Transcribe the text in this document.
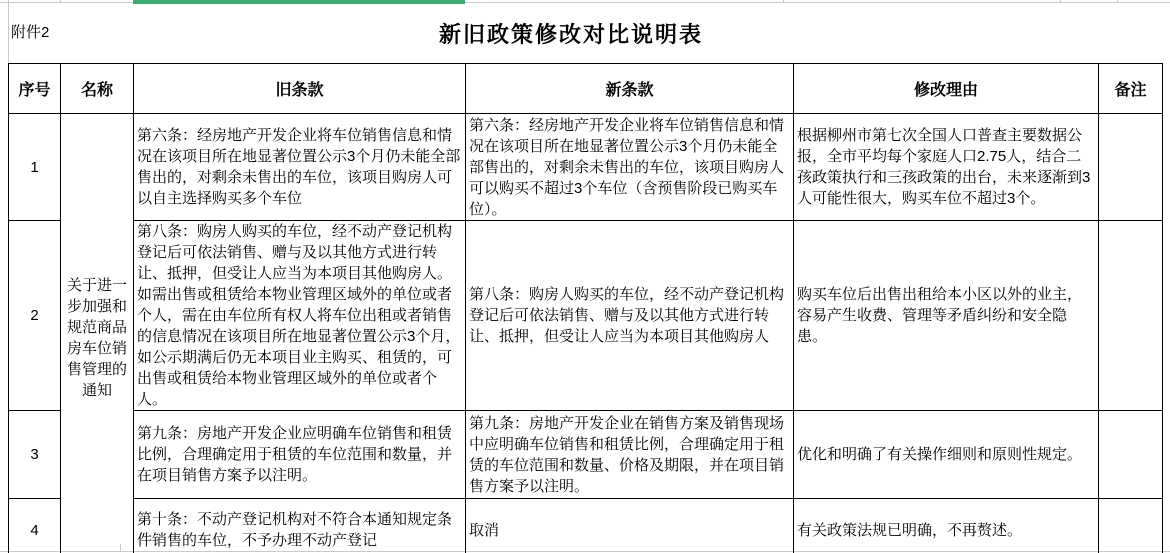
附件2	新旧政策修改对比说明表
序号	名称	旧条款	新条款	修改理由	备注
1	关于进一步加强和规范商品房车位销售管理的通知	第六条：经房地产开发企业将车位销售信息和情况在该项目所在地显著位置公示3个月仍未能全部售出的，对剩余未售出的车位，该项目购房人可以自主选择购买多个车位	第六条：经房地产开发企业将车位销售信息和情况在该项目所在地显著位置公示3个月仍未能全部售出的，对剩余未售出的车位，该项目购房人可以购买不超过3个车位（含预售阶段已购买车位）。	根据柳州市第七次全国人口普查主要数据公报，全市平均每个家庭人口2.75人，结合二孩政策执行和三孩政策的出台，未来逐渐到3人可能性很大，购买车位不超过3个。	
2		第八条：购房人购买的车位，经不动产登记机构登记后可依法销售、赠与及以其他方式进行转让、抵押，但受让人应当为本项目其他购房人。如需出售或租赁给本物业管理区域外的单位或者个人，需在由车位所有权人将车位出租或者销售的信息情况在该项目所在地显著位置公示3个月，如公示期满后仍无本项目业主购买、租赁的，可出售或租赁给本物业管理区域外的单位或者个人。	第八条：购房人购买的车位，经不动产登记机构登记后可依法销售、赠与及以其他方式进行转让、抵押，但受让人应当为本项目其他购房人	购买车位后出售出租给本小区以外的业主，容易产生收费、管理等矛盾纠纷和安全隐患。	
3		第九条：房地产开发企业应明确车位销售和租赁比例，合理确定用于租赁的车位范围和数量，并在项目销售方案予以注明。	第九条：房地产开发企业在销售方案及销售现场中应明确车位销售和租赁比例，合理确定用于租赁的车位范围和数量、价格及期限，并在项目销售方案予以注明。	优化和明确了有关操作细则和原则性规定。	
4		第十条：不动产登记机构对不符合本通知规定条件销售的车位，不予办理不动产登记	取消	有关政策法规已明确，不再赘述。	
